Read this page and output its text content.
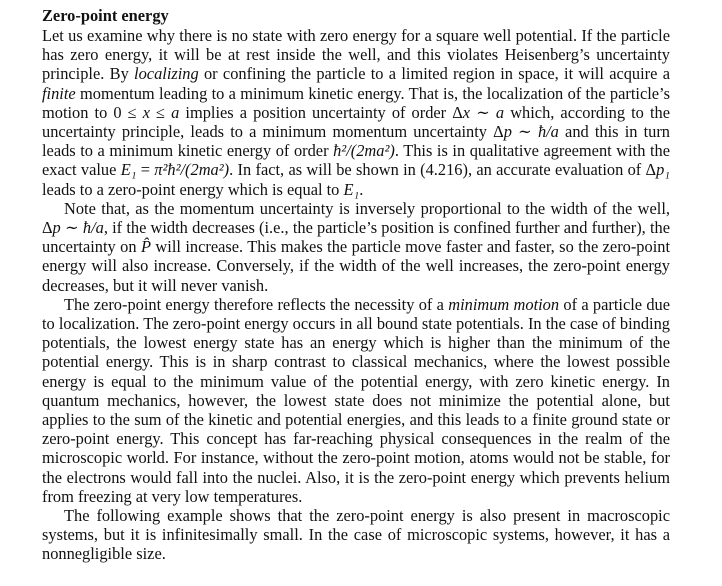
Zero-point energy

Let us examine why there is no state with zero energy for a square well potential. If the particle has zero energy, it will be at rest inside the well, and this violates Heisenberg’s uncertainty principle. By localizing or confining the particle to a limited region in space, it will acquire a finite momentum leading to a minimum kinetic energy. That is, the localization of the particle’s motion to 0 ≤ x ≤ a implies a position uncertainty of order Δx ∼ a which, according to the uncertainty principle, leads to a minimum momentum uncertainty Δp ∼ ħ/a and this in turn leads to a minimum kinetic energy of order ħ²/(2ma²). This is in qualitative agreement with the exact value E₁ = π²ħ²/(2ma²). In fact, as will be shown in (4.216), an accurate evaluation of Δp₁ leads to a zero-point energy which is equal to E₁.

Note that, as the momentum uncertainty is inversely proportional to the width of the well, Δp ∼ ħ/a, if the width decreases (i.e., the particle’s position is confined further and further), the uncertainty on P̂ will increase. This makes the particle move faster and faster, so the zero-point energy will also increase. Conversely, if the width of the well increases, the zero-point energy decreases, but it will never vanish.

The zero-point energy therefore reflects the necessity of a minimum motion of a particle due to localization. The zero-point energy occurs in all bound state potentials. In the case of binding potentials, the lowest energy state has an energy which is higher than the minimum of the potential energy. This is in sharp contrast to classical mechanics, where the lowest possible energy is equal to the minimum value of the potential energy, with zero kinetic energy. In quantum mechanics, however, the lowest state does not minimize the potential alone, but applies to the sum of the kinetic and potential energies, and this leads to a finite ground state or zero-point energy. This concept has far-reaching physical consequences in the realm of the microscopic world. For instance, without the zero-point motion, atoms would not be stable, for the electrons would fall into the nuclei. Also, it is the zero-point energy which prevents helium from freezing at very low temperatures.

The following example shows that the zero-point energy is also present in macroscopic systems, but it is infinitesimally small. In the case of microscopic systems, however, it has a nonnegligible size.
